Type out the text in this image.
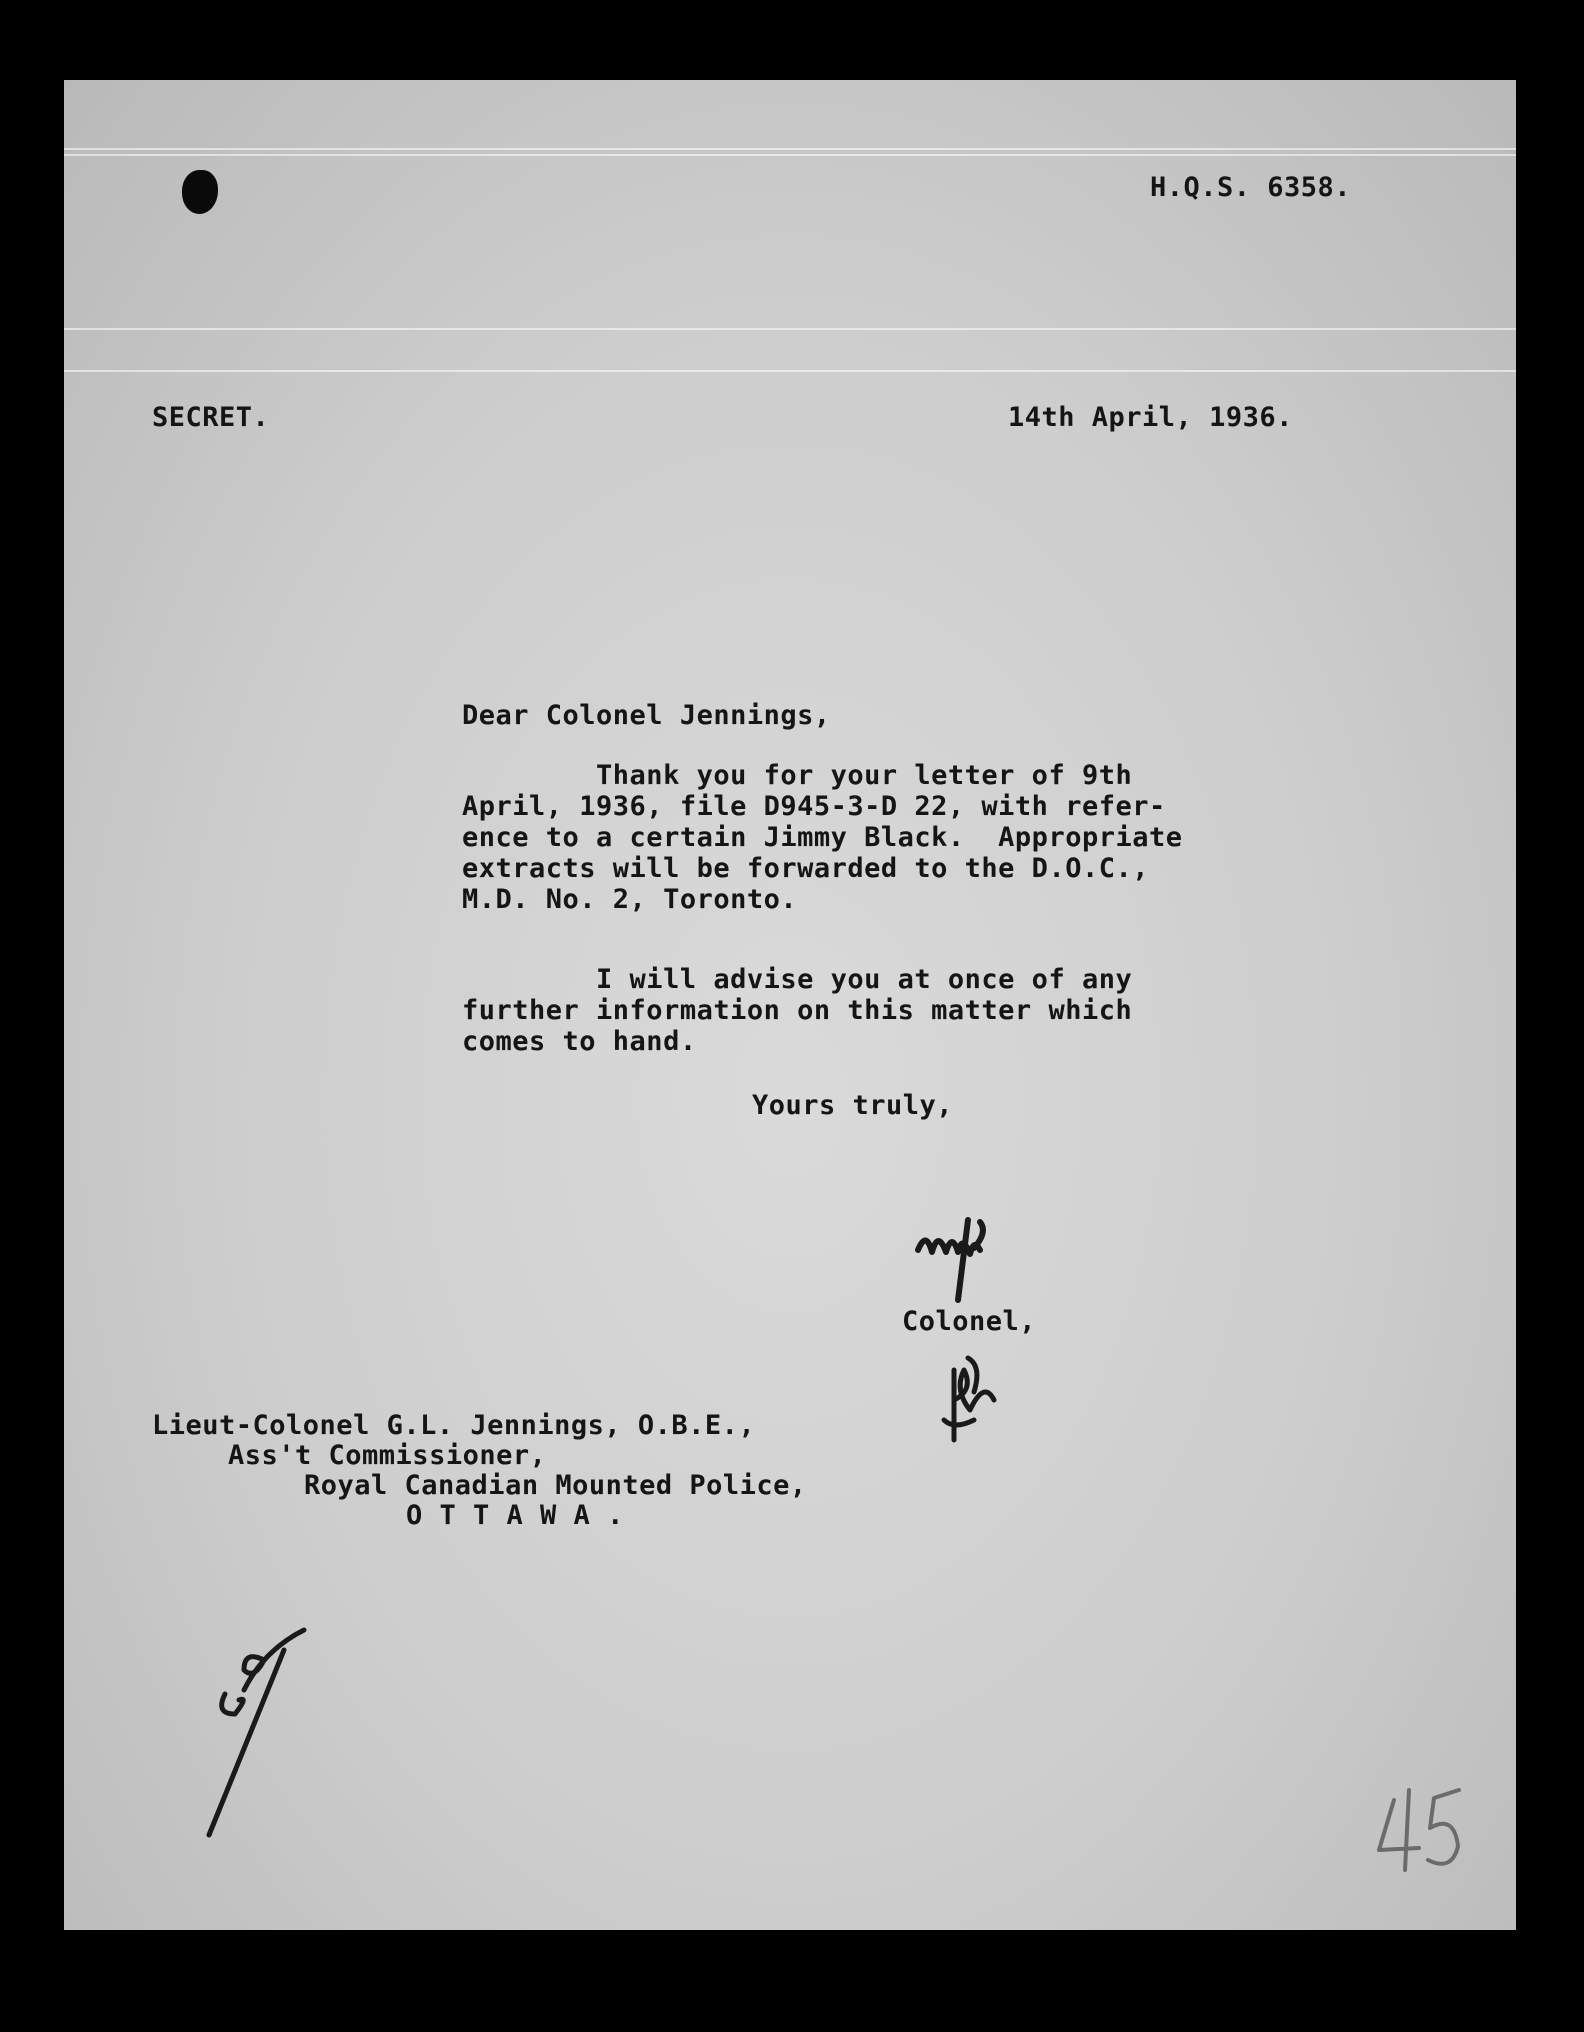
H.Q.S. 6358.
SECRET.	14th April, 1936.
Dear Colonel Jennings,
Thank you for your letter of 9th
April, 1936, file D945-3-D 22, with refer-
ence to a certain Jimmy Black.  Appropriate
extracts will be forwarded to the D.O.C.,
M.D. No. 2, Toronto.
I will advise you at once of any
further information on this matter which
comes to hand.
Yours truly,
Colonel,
Lieut-Colonel G.L. Jennings, O.B.E.,
Ass't Commissioner,
Royal Canadian Mounted Police,
O T T A W A .
